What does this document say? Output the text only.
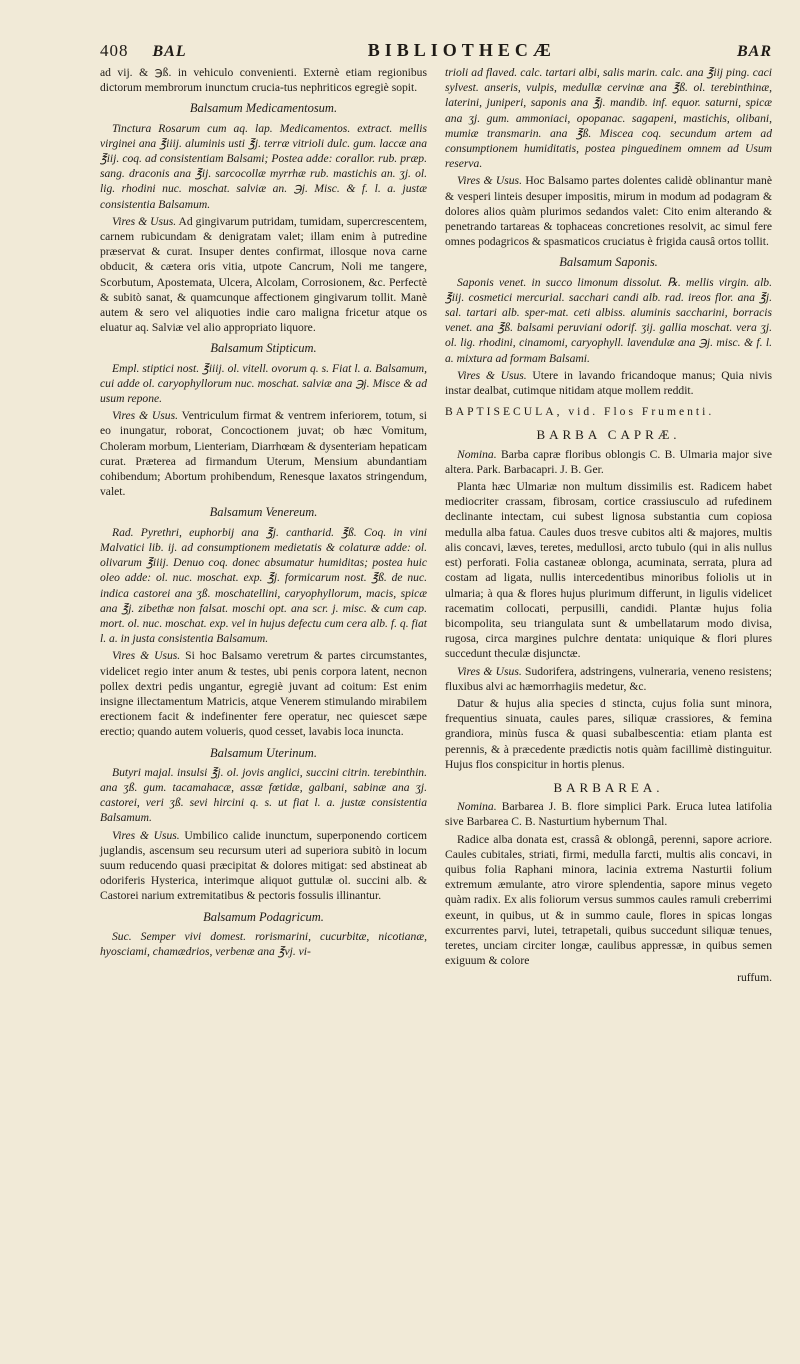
408 BAL	BIBLIOTHECÆ	BAR

ad vij. & ℈ß. in vehiculo convenienti. Externè etiam regionibus dictorum membrorum inunctum crucia-tus nephriticos egregiè sopit.

Balsamum Medicamentosum.

Tinctura Rosarum cum aq. lap. Medicamentos. extract. mellis virginei ana ℥iiij. aluminis usti ℥j. terræ vitrioli dulc. gum. laccæ ana ℥iij. coq. ad consistentiam Balsami; Postea adde: corallor. rub. præp. sang. draconis ana ℥ij. sarcocollæ myrrhæ rub. mastichis an. ʒj. ol. lig. rhodini nuc. moschat. salviæ an. ℈j. Misc. & f. l. a. justæ consistentia Balsamum.

Vires & Usus. Ad gingivarum putridam, tumidam, supercrescentem, carnem rubicundam & denigratam valet; illam enim à putredine præservat & curat. Insuper dentes confirmat, illosque nova carne obducit, & cætera oris vitia, utpote Cancrum, Noli me tangere, Scorbutum, Apostemata, Ulcera, Alcolam, Corrosionem, &c. Perfectè & subitò sanat, & quamcunque affectionem gingivarum tollit. Manè autem & sero vel aliquoties indie caro maligna fricetur atque os eluatur aq. Salviæ vel alio appropriato liquore.

Balsamum Stipticum.

Empl. stiptici nost. ℥iiij. ol. vitell. ovorum q. s. Fiat l. a. Balsamum, cui adde ol. caryophyllorum nuc. moschat. salviæ ana ℈j. Misce & ad usum repone.

Vires & Usus. Ventriculum firmat & ventrem inferiorem, totum, si eo inungatur, roborat, Concoctionem juvat; ob hæc Vomitum, Choleram morbum, Lienteriam, Diarrhœam & dysenteriam hepaticam curat. Præterea ad firmandum Uterum, Mensium abundantiam cohibendum; Abortum prohibendum, Renesque laxatos stringendum, valet.

Balsamum Venereum.

Rad. Pyrethri, euphorbij ana ℥j. cantharid. ℥ß. Coq. in vini Malvatici lib. ij. ad consumptionem medietatis & colaturæ adde: ol. olivarum ℥iiij. Denuo coq. donec absumatur humiditas; postea huic oleo adde: ol. nuc. moschat. exp. ℥j. formicarum nost. ℥ß. de nuc. indica castorei ana ʒß. moschatellini, caryophyllorum, macis, spicæ ana ℥j. zibethæ non falsat. moschi opt. ana scr. j. misc. & cum cap. mort. ol. nuc. moschat. exp. vel in hujus defectu cum cera alb. f. q. fiat l. a. in justa consistentia Balsamum.

Vires & Usus. Si hoc Balsamo veretrum & partes circumstantes, videlicet regio inter anum & testes, ubi penis corpora latent, necnon pollex dextri pedis ungantur, egregiè juvant ad coitum: Est enim insigne illectamentum Matricis, atque Venerem stimulando mirabilem erectionem facit & indefinenter fere operatur, nec quiescet sæpe erectio; quando autem volueris, quod cesset, lavabis loca inuncta.

Balsamum Uterinum.

Butyri majal. insulsi ℥j. ol. jovis anglici, succini citrin. terebinthin. ana ʒß. gum. tacamahacæ, assæ fœtidæ, galbani, sabinæ ana ʒj. castorei, veri ʒß. sevi hircini q. s. ut fiat l. a. justæ consistentia Balsamum.

Vires & Usus. Umbilico calide inunctum, superponendo corticem juglandis, ascensum seu recursum uteri ad superiora subitò in locum suum reducendo quasi præcipitat & dolores mitigat: sed abstineat ab odoriferis Hystericа, interimque aliquot guttulæ ol. succini alb. & Castorei narium extremitatibus & pectoris fossulis illinantur.

Balsamum Podagricum.

Suc. Semper vivi domest. rorismarini, cucurbitæ, nicotianæ, hyosciami, chamædrios, verbenæ ana ℥vj. vi-

trioli ad flaved. calc. tartari albi, salis marin. calc. ana ℥iij ping. caci sylvest. anseris, vulpis, medullæ cervinæ ana ℥ß. ol. terebinthinæ, laterini, juniperi, saponis ana ℥j. mandib. inf. equor. saturni, spicæ ana ʒj. gum. ammoniaci, opopanac. sagapeni, mastichis, olibani, mumiæ transmarin. ana ℥ß. Misceа coq. secundum artem ad consumptionem humiditatis, postea pinguedinem omnem ad Usum reserva.

Vires & Usus. Hoc Balsamo partes dolentes calidè oblinantur manè & vesperi linteis desuper impositis, mirum in modum ad podagram & dolores alios quàm plurimos sedandos valet: Cito enim alterando & penetrando tartareas & tophaceas concretiones resolvit, ac simul fere omnes podagricos & spasmaticos cruciatus è frigida causâ ortos tollit.

Balsamum Saponis.

Saponis venet. in succo limonum dissolut. ℞. mellis virgin. alb. ℥iij. cosmetici mercurial. sacchari candi alb. rad. ireos flor. ana ℥j. sal. tartari alb. sper-mat. ceti albiss. aluminis saccharini, borracis venet. ana ℥ß. balsami peruviani odorif. ʒij. gallia moschat. vera ʒj. ol. lig. rhodini, cinamomi, caryophyll. lavendulæ ana ℈j. misc. & f. l. a. mixtura ad formam Balsami.

Vires & Usus. Utere in lavando fricandoque manus; Quia nivis instar dealbat, cutimque nitidam atque mollem reddit.

BAPTISECULA, vid. Flos Frumenti.
BARBA CAPRÆ.

Nomina. Barba capræ floribus oblongis C. B. Ulmaria major sive altera. Park. Barbacapri. J. B. Ger.

Planta hæc Ulmariæ non multum dissimilis est. Radicem habet mediocriter crassam, fibrosam, cortice crassiusculo ad rufedinem declinante intectam, cui subest lignosa substantia cum copiosa medulla alba fatua. Caules duos tresve cubitos alti & majores, multis alis concavi, læves, teretes, medullosi, arcto tubulo (qui in alis nullus est) perforati. Folia castaneæ oblonga, acuminata, serrata, plura ad costam ad ligata, nullis intercedentibus minoribus foliolis ut in ulmaria; à qua & flores hujus plurimum differunt, in ligulis videlicet racematim collocati, perpusilli, candidi. Plantæ hujus folia bicompolita, seu triangulata sunt & umbellatarum modo divisa, rugosa, circa margines pulchre dentata: uniquique & flori plures succedunt theculæ disjunctæ.

Vires & Usus. Sudorifera, adstringens, vulneraria, veneno resistens; fluxibus alvi ac hæmorrhagiis medetur, &c.

Datur & hujus alia species d stincta, cujus folia sunt minora, frequentius sinuata, caules pares, siliquæ crassiores, & femina grandiora, minùs fusca & quasi subalbescentia: etiam planta est perennis, & à præcedente prædictis notis quàm facillimè distinguitur. Hujus flos conspicitur in hortis plenus.

BARBAREA.

Nomina. Barbarea J. B. flore simplici Park. Eruca lutea latifolia sive Barbarea C. B. Nasturtium hybernum Thal.

Radice alba donata est, crassâ & oblongâ, perenni, sapore acriore. Caules cubitales, striati, firmi, medulla farcti, multis alis concavi, in quibus folia Raphani minora, lacinia extrema Nasturtii folium extremum æmulante, atro virore splendentia, sapore minus vegeto quàm radix. Ex alis foliorum versus summos caules ramuli creberrimi exeunt, in quibus, ut & in summo caule, flores in spicas longas excurrentes parvi, lutei, tetrapetali, quibus succedunt siliquæ tenues, teretes, unciam circiter longæ, caulibus appressæ, in quibus semen exiguum & colore

ruffum.
